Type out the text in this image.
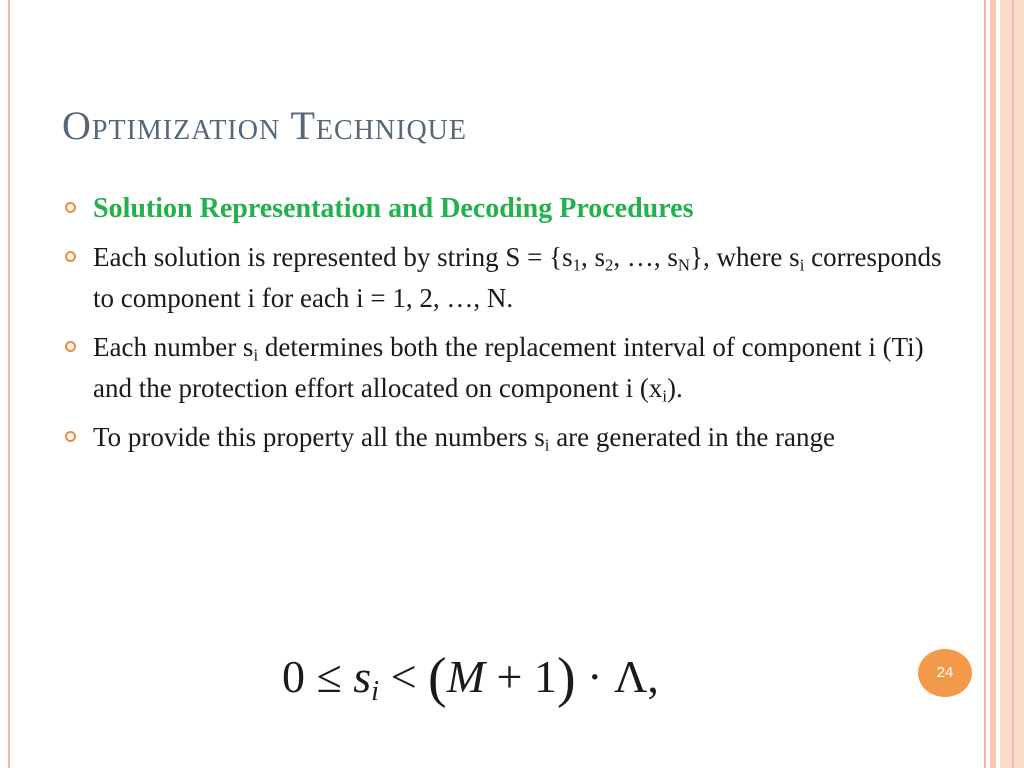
Optimization Technique
Solution Representation and Decoding Procedures
Each solution is represented by string $S = \{s_1$, $s_2$, …, $s_N$}, where $s_i$ corresponds to component i for each i = 1, 2, …, N.
Each number $s_i$ determines both the replacement interval of component i (Ti) and the protection effort allocated on component i $(x_i)$.
To provide this property all the numbers $s_i$ are generated in the range
$0 \le s_i < (M + 1) \cdot \Lambda$,	24
